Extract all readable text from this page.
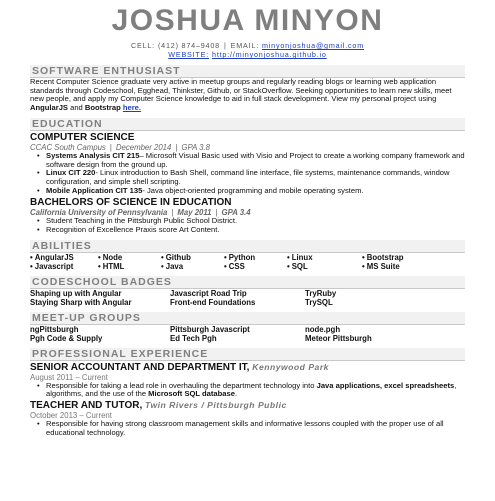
JOSHUA MINYON
CELL: (412) 874–9408 | EMAIL: minyonjoshua@gmail.com
WEBSITE: http://minyonjoshua.github.io
SOFTWARE ENTHUSIAST
Recent Computer Science graduate very active in meetup groups and regularly reading blogs or learning web application standards through Codeschool, Egghead, Thinkster, Github, or StackOverflow. Seeking opportunities to learn new skills, meet new people, and apply my Computer Science knowledge to aid in full stack development. View my personal project using AngularJS and Bootstrap here.
EDUCATION
COMPUTER SCIENCE
CCAC South Campus | December 2014 | GPA 3.8
• Systems Analysis CIT 215– Microsoft Visual Basic used with Visio and Project to create a working company framework and software design from the ground up.
• Linux CIT 220- Linux introduction to Bash Shell, command line interface, file systems, maintenance commands, window configuration, and simple shell scripting.
• Mobile Application CIT 135- Java object-oriented programming and mobile operating system.
BACHELORS OF SCIENCE IN EDUCATION
California University of Pennsylvania | May 2011 | GPA 3.4
• Student Teaching in the Pittsburgh Public School District.
• Recognition of Excellence Praxis score Art Content.
ABILITIES
• AngularJS	• Node	• Github	• Python	• Linux	• Bootstrap
• Javascript	• HTML	• Java	• CSS	• SQL	• MS Suite
CODESCHOOL BADGES
Shaping up with Angular	Javascript Road Trip	TryRuby
Staying Sharp with Angular	Front-end Foundations	TrySQL
MEET-UP GROUPS
ngPittsburgh	Pittsburgh Javascript	node.pgh
Pgh Code & Supply	Ed Tech Pgh	Meteor Pittsburgh
PROFESSIONAL EXPERIENCE
SENIOR ACCOUNTANT AND DEPARTMENT IT, Kennywood Park
August 2011 – Current
• Responsible for taking a lead role in overhauling the department technology into Java applications, excel spreadsheets, algorithms, and the use of the Microsoft SQL database.
TEACHER AND TUTOR, Twin Rivers / Pittsburgh Public
October 2013 – Current
• Responsible for having strong classroom management skills and informative lessons coupled with the proper use of all educational technology.
